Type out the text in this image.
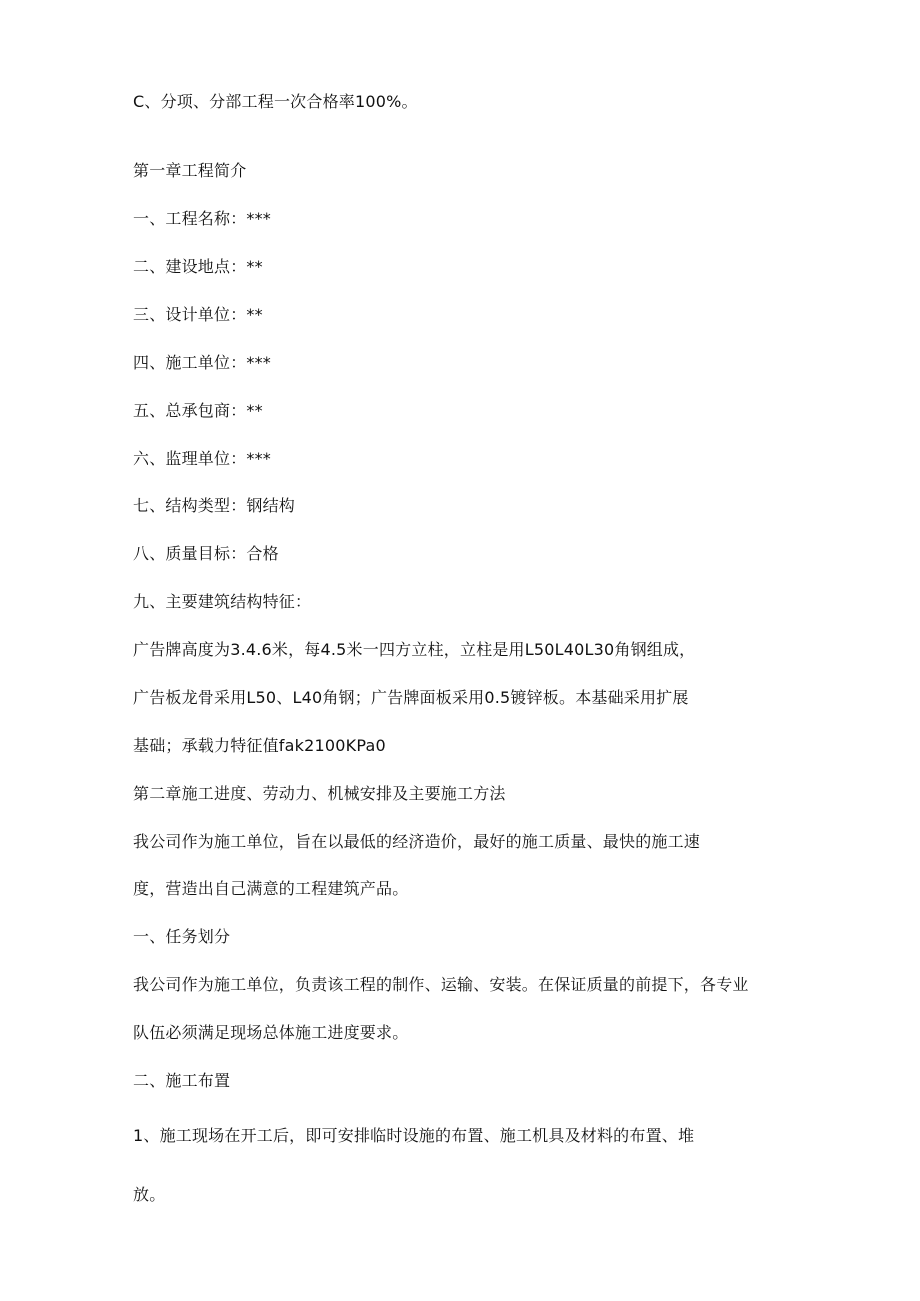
C、分项、分部工程一次合格率100%。
第一章工程简介
一、工程名称：***
二、建设地点：**
三、设计单位：**
四、施工单位：***
五、总承包商：**
六、监理单位：***
七、结构类型：钢结构
八、质量目标：合格
九、主要建筑结构特征：
广告牌高度为3.4.6米，每4.5米一四方立柱，立柱是用L50L40L30角钢组成，
广告板龙骨采用L50、L40角钢；广告牌面板采用0.5镀锌板。本基础采用扩展
基础；承载力特征值fak2100KPa0
第二章施工进度、劳动力、机械安排及主要施工方法
我公司作为施工单位，旨在以最低的经济造价，最好的施工质量、最快的施工速
度，营造出自己满意的工程建筑产品。
一、任务划分
我公司作为施工单位，负责该工程的制作、运输、安装。在保证质量的前提下，各专业
队伍必须满足现场总体施工进度要求。
二、施工布置
1、施工现场在开工后，即可安排临时设施的布置、施工机具及材料的布置、堆
放。
